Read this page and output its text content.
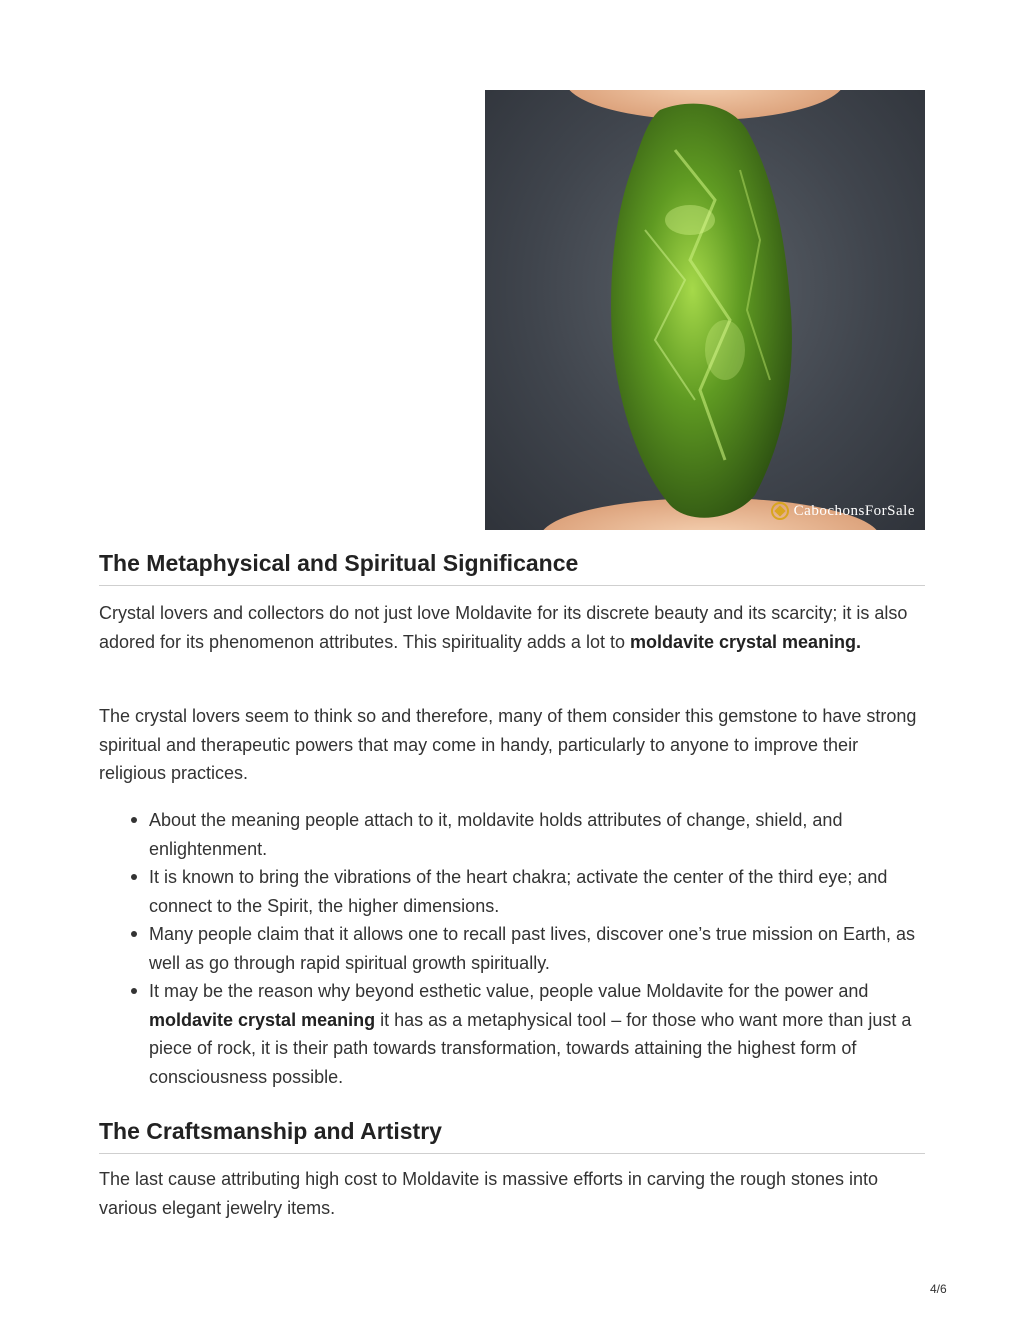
CabochonsForSale
The Metaphysical and Spiritual Significance

Crystal lovers and collectors do not just love Moldavite for its discrete beauty and its scarcity; it is also adored for its phenomenon attributes. This spirituality adds a lot to moldavite crystal meaning.

The crystal lovers seem to think so and therefore, many of them consider this gemstone to have strong spiritual and therapeutic powers that may come in handy, particularly to anyone to improve their religious practices.

About the meaning people attach to it, moldavite holds attributes of change, shield, and enlightenment.
It is known to bring the vibrations of the heart chakra; activate the center of the third eye; and connect to the Spirit, the higher dimensions.
Many people claim that it allows one to recall past lives, discover one’s true mission on Earth, as well as go through rapid spiritual growth spiritually.
It may be the reason why beyond esthetic value, people value Moldavite for the power and moldavite crystal meaning it has as a metaphysical tool – for those who want more than just a piece of rock, it is their path towards transformation, towards attaining the highest form of consciousness possible.
The Craftsmanship and Artistry

The last cause attributing high cost to Moldavite is massive efforts in carving the rough stones into various elegant jewelry items.

4/6
